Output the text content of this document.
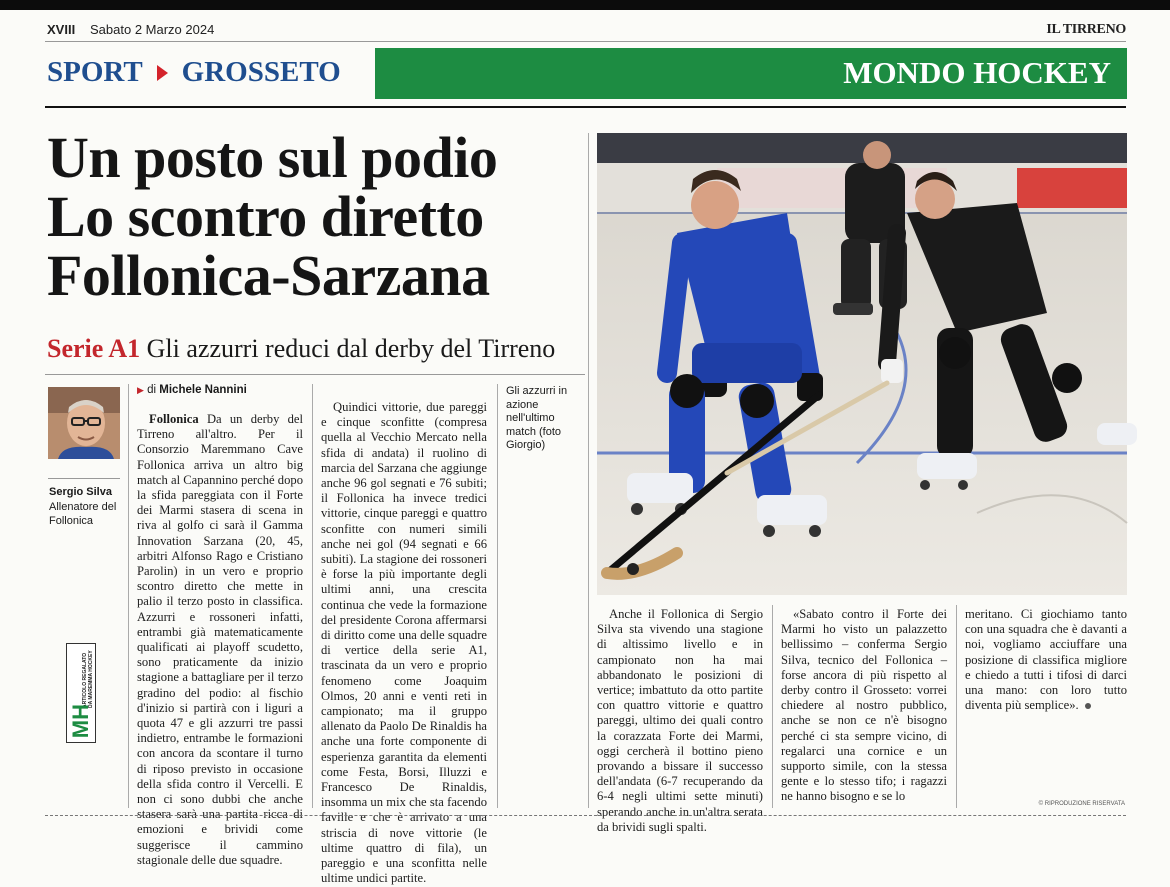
XVIII Sabato 2 Marzo 2024	IL TIRRENO
SPORT GROSSETO	MONDO HOCKEY
Un posto sul podio
Lo scontro diretto
Follonica-Sarzana
Serie A1 Gli azzurri reduci dal derby del Tirreno
Sergio Silva
Allenatore del Follonica
ARTICOLO REGALATO DA MAREMMA HOCKEY
MH
▶ di Michele Nannini

Follonica Da un derby del Tirreno all'altro. Per il Consorzio Maremmano Cave Follonica arriva un altro big match al Capannino perché dopo la sfida pareggiata con il Forte dei Marmi stasera di scena in riva al golfo ci sarà il Gamma Innovation Sarzana (20, 45, arbitri Alfonso Rago e Cristiano Parolin) in un vero e proprio scontro diretto che mette in palio il terzo posto in classifica. Azzurri e rossoneri infatti, entrambi già matematicamente qualificati ai playoff scudetto, sono praticamente da inizio stagione a battagliare per il terzo gradino del podio: al fischio d'inizio si partirà con i liguri a quota 47 e gli azzurri tre passi indietro, entrambe le formazioni con ancora da scontare il turno di riposo previsto in occasione della sfida contro il Vercelli. E non ci sono dubbi che anche stasera sarà una partita ricca di emozioni e brividi come suggerisce il cammino stagionale delle due squadre.

Quindici vittorie, due pareggi e cinque sconfitte (compresa quella al Vecchio Mercato nella sfida di andata) il ruolino di marcia del Sarzana che aggiunge anche 96 gol segnati e 76 subiti; il Follonica ha invece tredici vittorie, cinque pareggi e quattro sconfitte con numeri simili anche nei gol (94 segnati e 66 subiti). La stagione dei rossoneri è forse la più importante degli ultimi anni, una crescita continua che vede la formazione del presidente Corona affermarsi di diritto come una delle squadre di vertice della serie A1, trascinata da un vero e proprio fenomeno come Joaquim Olmos, 20 anni e venti reti in campionato; ma il gruppo allenato da Paolo De Rinaldis ha anche una forte componente di esperienza garantita da elementi come Festa, Borsi, Illuzzi e Francesco De Rinaldis, insomma un mix che sta facendo faville e che è arrivato a una striscia di nove vittorie (le ultime quattro di fila), un pareggio e una sconfitta nelle ultime undici partite.

Gli azzurri in azione nell'ultimo match (foto Giorgio)

Anche il Follonica di Sergio Silva sta vivendo una stagione di altissimo livello e in campionato non ha mai abbandonato le posizioni di vertice; imbattuto da otto partite con quattro vittorie e quattro pareggi, ultimo dei quali contro la corazzata Forte dei Marmi, oggi cercherà il bottino pieno provando a bissare il successo dell'andata (6-7 recuperando da 6-4 negli ultimi sette minuti) sperando anche in un'altra serata da brividi sugli spalti.

«Sabato contro il Forte dei Marmi ho visto un palazzetto bellissimo – conferma Sergio Silva, tecnico del Follonica – forse ancora di più rispetto al derby contro il Grosseto: vorrei chiedere al nostro pubblico, anche se non ce n'è bisogno perché ci sta sempre vicino, di regalarci una cornice e un supporto simile, con la stessa gente e lo stesso tifo; i ragazzi ne hanno bisogno e se lo

meritano. Ci giochiamo tanto con una squadra che è davanti a noi, vogliamo acciuffare una posizione di classifica migliore e chiedo a tutti i tifosi di darci una mano: con loro tutto diventa più semplice».

© RIPRODUZIONE RISERVATA
